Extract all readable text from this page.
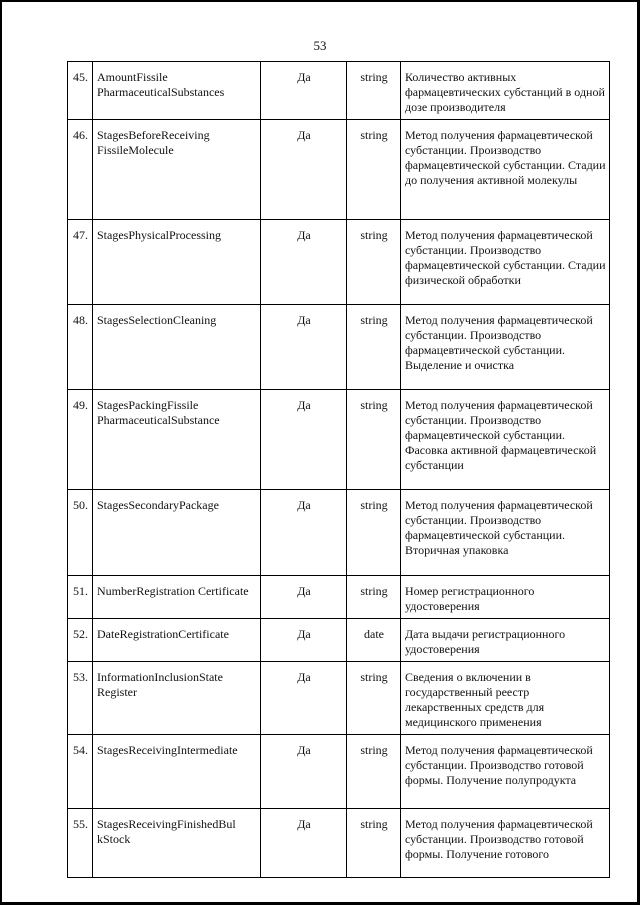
53
45.	AmountFissile PharmaceuticalSubstances	Да	string	Количество активных фармацевтических субстанций в одной дозе производителя
46.	StagesBeforeReceiving FissileMolecule	Да	string	Метод получения фармацевтической субстанции. Производство фармацевтической субстанции. Стадии до получения активной молекулы
47.	StagesPhysicalProcessing	Да	string	Метод получения фармацевтической субстанции. Производство фармацевтической субстанции. Стадии физической обработки
48.	StagesSelectionCleaning	Да	string	Метод получения фармацевтической субстанции. Производство фармацевтической субстанции. Выделение и очистка
49.	StagesPackingFissile PharmaceuticalSubstance	Да	string	Метод получения фармацевтической субстанции. Производство фармацевтической субстанции. Фасовка активной фармацевтической субстанции
50.	StagesSecondaryPackage	Да	string	Метод получения фармацевтической субстанции. Производство фармацевтической субстанции. Вторичная упаковка
51.	NumberRegistration Certificate	Да	string	Номер регистрационного удостоверения
52.	DateRegistrationCertificate	Да	date	Дата выдачи регистрационного удостоверения
53.	InformationInclusionState Register	Да	string	Сведения о включении в государственный реестр лекарственных средств для медицинского применения
54.	StagesReceivingIntermediate	Да	string	Метод получения фармацевтической субстанции. Производство готовой формы. Получение полупродукта
55.	StagesReceivingFinishedBul kStock	Да	string	Метод получения фармацевтической субстанции. Производство готовой формы. Получение готового
